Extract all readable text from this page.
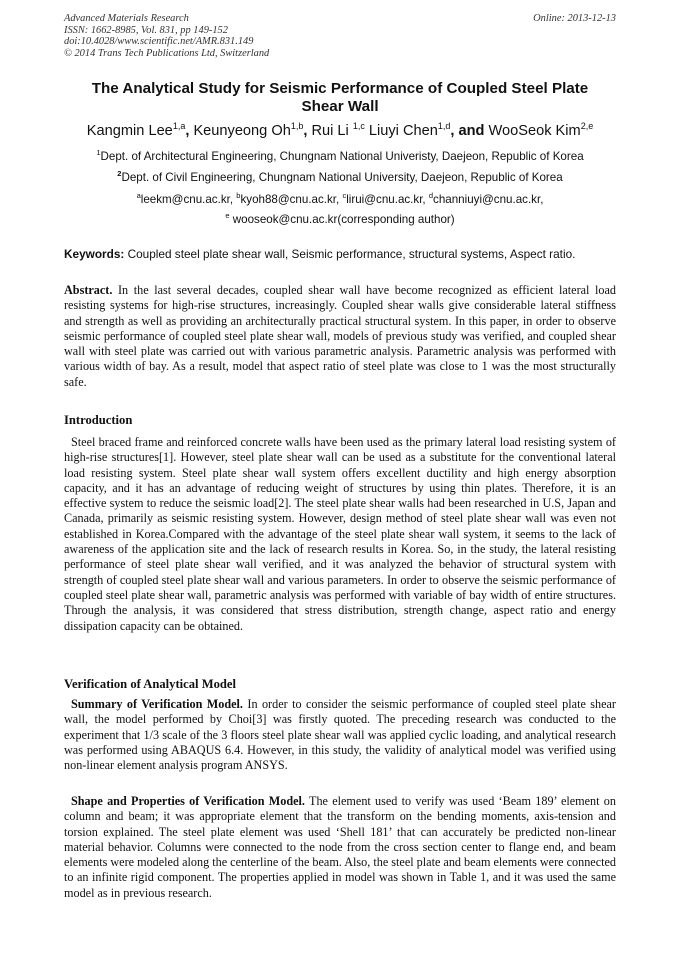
Advanced Materials Research	Online: 2013-12-13
ISSN: 1662-8985, Vol. 831, pp 149-152
doi:10.4028/www.scientific.net/AMR.831.149
© 2014 Trans Tech Publications Ltd, Switzerland
The Analytical Study for Seismic Performance of Coupled Steel Plate
Shear Wall
Kangmin Lee$^{1,a}$, Keunyeong Oh$^{1,b}$, Rui Li $^{1,c}$ Liuyi Chen$^{1,d}$, and WooSeok Kim$^{2,e}$
$^1$Dept. of Architectural Engineering, Chungnam National Univeristy, Daejeon, Republic of Korea
$^2$Dept. of Civil Engineering, Chungnam National University, Daejeon, Republic of Korea
$^a$leekm@cnu.ac.kr, $^b$kyoh88@cnu.ac.kr, $^c$lirui@cnu.ac.kr, $^d$channiuyi@cnu.ac.kr,
$^e$ wooseok@cnu.ac.kr(corresponding author)
Keywords: Coupled steel plate shear wall, Seismic performance, structural systems, Aspect ratio.
Abstract. In the last several decades, coupled shear wall have become recognized as efficient lateral load resisting systems for high-rise structures, increasingly. Coupled shear walls give considerable lateral stiffness and strength as well as providing an architecturally practical structural system. In this paper, in order to observe seismic performance of coupled steel plate shear wall, models of previous study was verified, and coupled shear wall with steel plate was carried out with various parametric analysis. Parametric analysis was performed with various width of bay. As a result, model that aspect ratio of steel plate was close to 1 was the most structurally safe.
Introduction
Steel braced frame and reinforced concrete walls have been used as the primary lateral load resisting system of high-rise structures[1]. However, steel plate shear wall can be used as a substitute for the conventional lateral load resisting system. Steel plate shear wall system offers excellent ductility and high energy absorption capacity, and it has an advantage of reducing weight of structures by using thin plates. Therefore, it is an effective system to reduce the seismic load[2]. The steel plate shear walls had been researched in U.S, Japan and Canada, primarily as seismic resisting system. However, design method of steel plate shear wall was even not established in Korea.Compared with the advantage of the steel plate shear wall system, it seems to the lack of awareness of the application site and the lack of research results in Korea. So, in the study, the lateral resisting performance of steel plate shear wall verified, and it was analyzed the behavior of structural system with strength of coupled steel plate shear wall and various parameters. In order to observe the seismic performance of coupled steel plate shear wall, parametric analysis was performed with variable of bay width of entire structures. Through the analysis, it was considered that stress distribution, strength change, aspect ratio and energy dissipation capacity can be obtained.
Verification of Analytical Model
Summary of Verification Model. In order to consider the seismic performance of coupled steel plate shear wall, the model performed by Choi[3] was firstly quoted. The preceding research was conducted to the experiment that 1/3 scale of the 3 floors steel plate shear wall was applied cyclic loading, and analytical research was performed using ABAQUS 6.4. However, in this study, the validity of analytical model was verified using non-linear element analysis program ANSYS.
Shape and Properties of Verification Model. The element used to verify was used ‘Beam 189’ element on column and beam; it was appropriate element that the transform on the bending moments, axis-tension and torsion explained. The steel plate element was used ‘Shell 181’ that can accurately be predicted non-linear material behavior. Columns were connected to the node from the cross section center to flange end, and beam elements were modeled along the centerline of the beam. Also, the steel plate and beam elements were connected to an infinite rigid component. The properties applied in model was shown in Table 1, and it was used the same model as in previous research.
